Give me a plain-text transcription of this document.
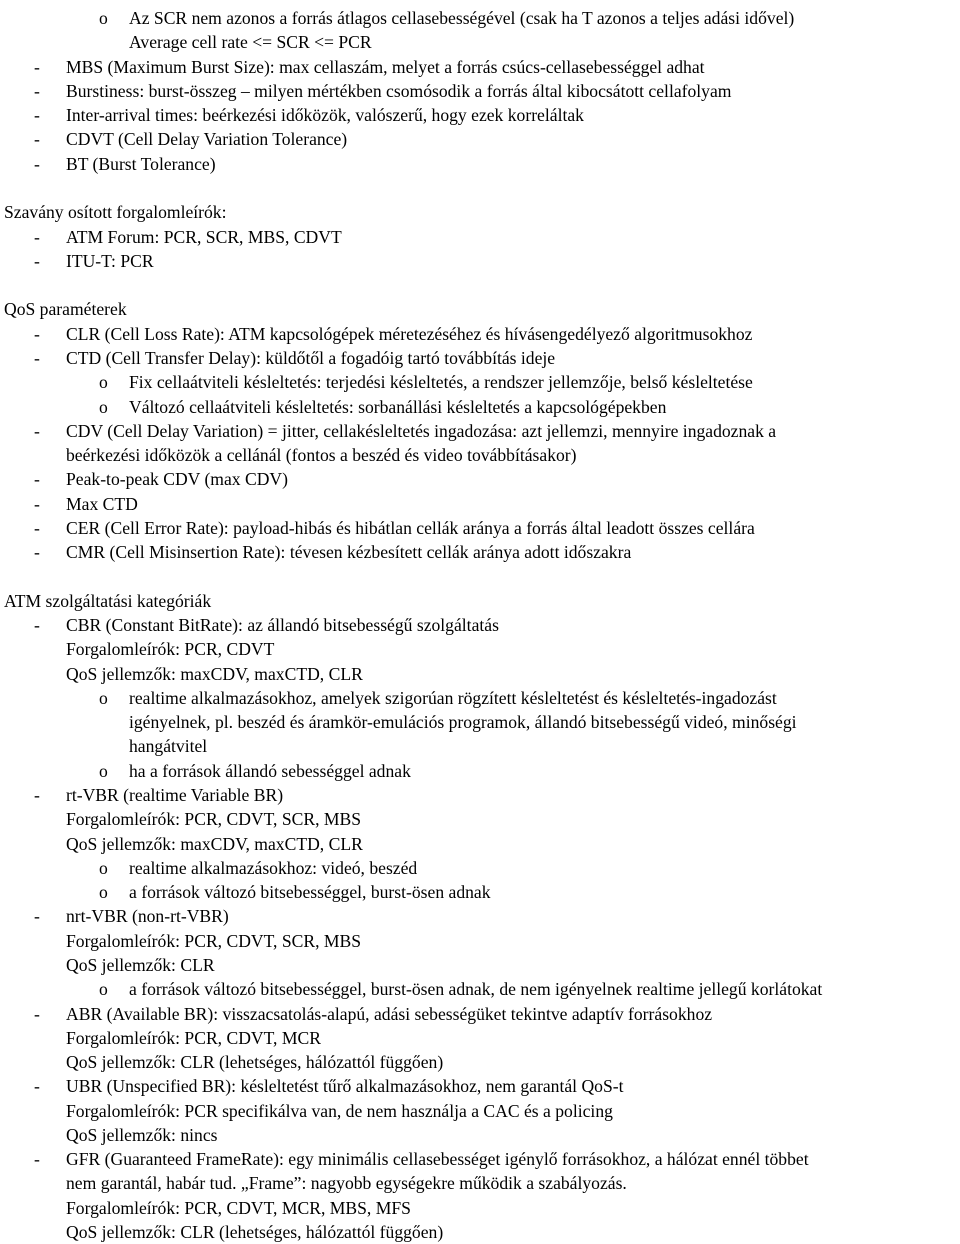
o Az SCR nem azonos a forrás átlagos cellasebességével (csak ha T azonos a teljes adási idővel)
Average cell rate <= SCR <= PCR
- MBS (Maximum Burst Size): max cellaszám, melyet a forrás csúcs-cellasebességgel adhat
- Burstiness: burst-összeg – milyen mértékben csomósodik a forrás által kibocsátott cellafolyam
- Inter-arrival times: beérkezési időközök, valószerű, hogy ezek korreláltak
- CDVT (Cell Delay Variation Tolerance)
- BT (Burst Tolerance)
Szavány osított forgalomleírók:
- ATM Forum: PCR, SCR, MBS, CDVT
- ITU-T: PCR
QoS paraméterek
- CLR (Cell Loss Rate): ATM kapcsológépek méretezéséhez és hívásengedélyező algoritmusokhoz
- CTD (Cell Transfer Delay): küldőtől a fogadóig tartó továbbítás ideje
o Fix cellaátviteli késleltetés: terjedési késleltetés, a rendszer jellemzője, belső késleltetése
o Változó cellaátviteli késleltetés: sorbanállási késleltetés a kapcsológépekben
- CDV (Cell Delay Variation) = jitter, cellakésleltetés ingadozása: azt jellemzi, mennyire ingadoznak a
beérkezési időközök a cellánál (fontos a beszéd és video továbbításakor)
- Peak-to-peak CDV (max CDV)
- Max CTD
- CER (Cell Error Rate): payload-hibás és hibátlan cellák aránya a forrás által leadott összes cellára
- CMR (Cell Misinsertion Rate): tévesen kézbesített cellák aránya adott időszakra
ATM szolgáltatási kategóriák
- CBR (Constant BitRate): az állandó bitsebességű szolgáltatás
Forgalomleírók: PCR, CDVT
QoS jellemzők: maxCDV, maxCTD, CLR
o realtime alkalmazásokhoz, amelyek szigorúan rögzített késleltetést és késleltetés-ingadozást
igényelnek, pl. beszéd és áramkör-emulációs programok, állandó bitsebességű videó, minőségi
hangátvitel
o ha a források állandó sebességgel adnak
- rt-VBR (realtime Variable BR)
Forgalomleírók: PCR, CDVT, SCR, MBS
QoS jellemzők: maxCDV, maxCTD, CLR
o realtime alkalmazásokhoz: videó, beszéd
o a források változó bitsebességgel, burst-ösen adnak
- nrt-VBR (non-rt-VBR)
Forgalomleírók: PCR, CDVT, SCR, MBS
QoS jellemzők: CLR
o a források változó bitsebességgel, burst-ösen adnak, de nem igényelnek realtime jellegű korlátokat
- ABR (Available BR): visszacsatolás-alapú, adási sebességüket tekintve adaptív forrásokhoz
Forgalomleírók: PCR, CDVT, MCR
QoS jellemzők: CLR (lehetséges, hálózattól függően)
- UBR (Unspecified BR): késleltetést tűrő alkalmazásokhoz, nem garantál QoS-t
Forgalomleírók: PCR specifikálva van, de nem használja a CAC és a policing
QoS jellemzők: nincs
- GFR (Guaranteed FrameRate): egy minimális cellasebességet igénylő forrásokhoz, a hálózat ennél többet
nem garantál, habár tud. „Frame”: nagyobb egységekre működik a szabályozás.
Forgalomleírók: PCR, CDVT, MCR, MBS, MFS
QoS jellemzők: CLR (lehetséges, hálózattól függően)
